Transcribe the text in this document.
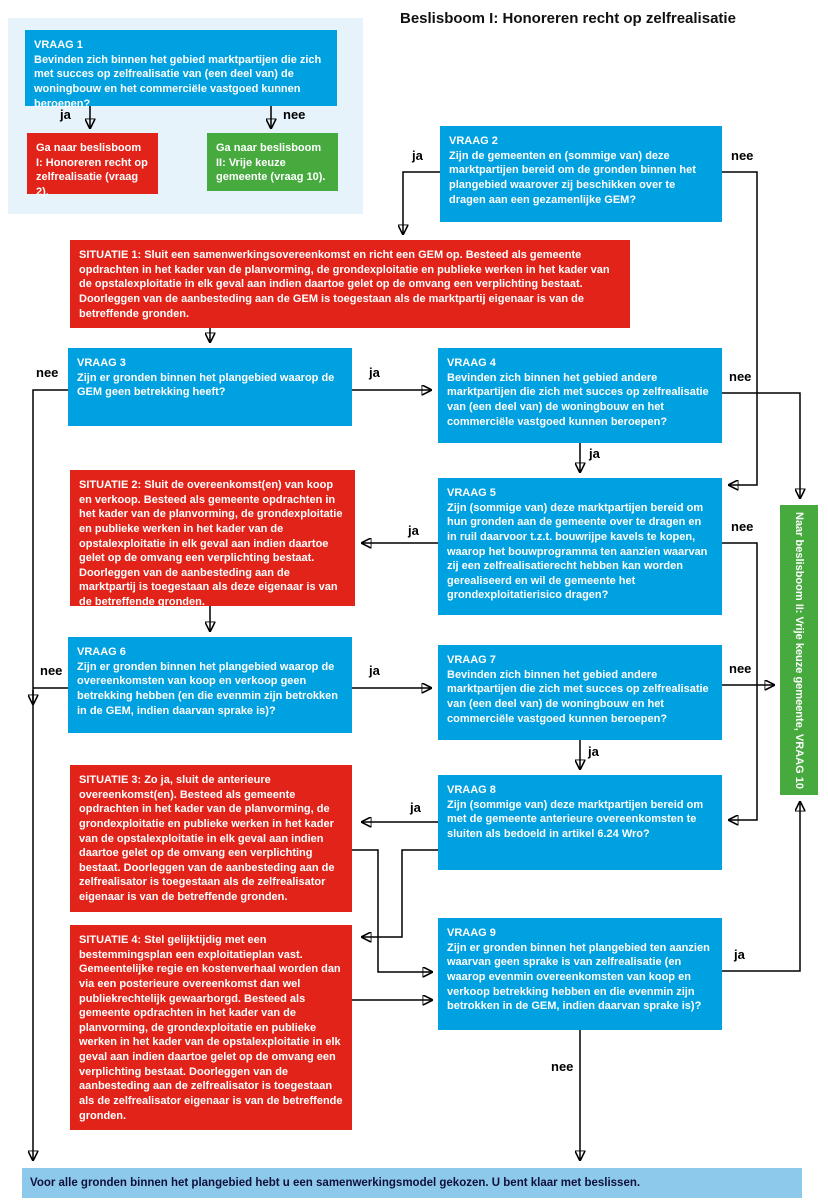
Beslisboom I: Honoreren recht op zelfrealisatie
VRAAG 1
Bevinden zich binnen het gebied marktpartijen die zich met succes op zelfrealisatie van (een deel van) de woningbouw en het commerciële vastgoed kunnen beroepen?
Ga naar beslisboom I: Honoreren recht op zelfrealisatie (vraag 2).
Ga naar beslisboom II: Vrije keuze gemeente (vraag 10).
VRAAG 2
Zijn de gemeenten en (sommige van) deze marktpartijen bereid om de gronden binnen het plangebied waarover zij beschikken over te dragen aan een gezamenlijke GEM?
VRAAG 3
Zijn er gronden binnen het plangebied waarop de GEM geen betrekking heeft?
VRAAG 4
Bevinden zich binnen het gebied andere marktpartijen die zich met succes op zelfrealisatie van (een deel van) de woningbouw en het commerciële vastgoed kunnen beroepen?
VRAAG 5
Zijn (sommige van) deze marktpartijen bereid om hun gronden aan de gemeente over te dragen en in ruil daarvoor t.z.t. bouwrijpe kavels te kopen, waarop het bouwprogramma ten aanzien waarvan zij een zelfrealisatierecht hebben kan worden gerealiseerd en wil de gemeente het grondexploitatierisico dragen?
VRAAG 6
Zijn er gronden binnen het plangebied waarop de overeenkomsten van koop en verkoop geen betrekking hebben (en die evenmin zijn betrokken in de GEM, indien daarvan sprake is)?
VRAAG 7
Bevinden zich binnen het gebied andere marktpartijen die zich met succes op zelfrealisatie van (een deel van) de woningbouw en het commerciële vastgoed kunnen beroepen?
VRAAG 8
Zijn (sommige van) deze marktpartijen bereid om met de gemeente anterieure overeenkomsten te sluiten als bedoeld in artikel 6.24 Wro?
VRAAG 9
Zijn er gronden binnen het plangebied ten aanzien waarvan geen sprake is van zelfrealisatie (en waarop evenmin overeenkomsten van koop en verkoop betrekking hebben en die evenmin zijn betrokken in de GEM, indien daarvan sprake is)?
SITUATIE 1: Sluit een samenwerkingsovereenkomst en richt een GEM op. Besteed als gemeente opdrachten in het kader van de planvorming, de grondexploitatie en publieke werken in het kader van de opstalexploitatie in elk geval aan indien daartoe gelet op de omvang een verplichting bestaat. Doorleggen van de aanbesteding aan de GEM is toegestaan als de marktpartij eigenaar is van de betreffende gronden.
SITUATIE 2: Sluit de overeenkomst(en) van koop en verkoop. Besteed als gemeente opdrachten in het kader van de planvorming, de grondexploitatie en publieke werken in het kader van de opstalexploitatie in elk geval aan indien daartoe gelet op de omvang een verplichting bestaat. Doorleggen van de aanbesteding aan de marktpartij is toegestaan als deze eigenaar is van de betreffende gronden.
SITUATIE 3: Zo ja, sluit de anterieure overeenkomst(en). Besteed als gemeente opdrachten in het kader van de planvorming, de grondexploitatie en publieke werken in het kader van de opstalexploitatie in elk geval aan indien daartoe gelet op de omvang een verplichting bestaat. Doorleggen van de aanbesteding aan de zelfrealisator is toegestaan als de zelfrealisator eigenaar is van de betreffende gronden.
SITUATIE 4: Stel gelijktijdig met een bestemmingsplan een exploitatieplan vast. Gemeentelijke regie en kostenverhaal worden dan via een posterieure overeenkomst dan wel publiekrechtelijk gewaarborgd. Besteed als gemeente opdrachten in het kader van de planvorming, de grondexploitatie en publieke werken in het kader van de opstalexploitatie in elk geval aan indien daartoe gelet op de omvang een verplichting bestaat. Doorleggen van de aanbesteding aan de zelfrealisator is toegestaan als de zelfrealisator eigenaar is van de betreffende gronden.
Naar beslisboom II: Vrije keuze gemeente, VRAAG 10
Voor alle gronden binnen het plangebied hebt u een samenwerkingsmodel gekozen. U bent klaar met beslissen.
ja	nee
ja	nee
nee	ja	nee
ja
ja	nee
nee	ja	nee
ja
ja
ja
nee
